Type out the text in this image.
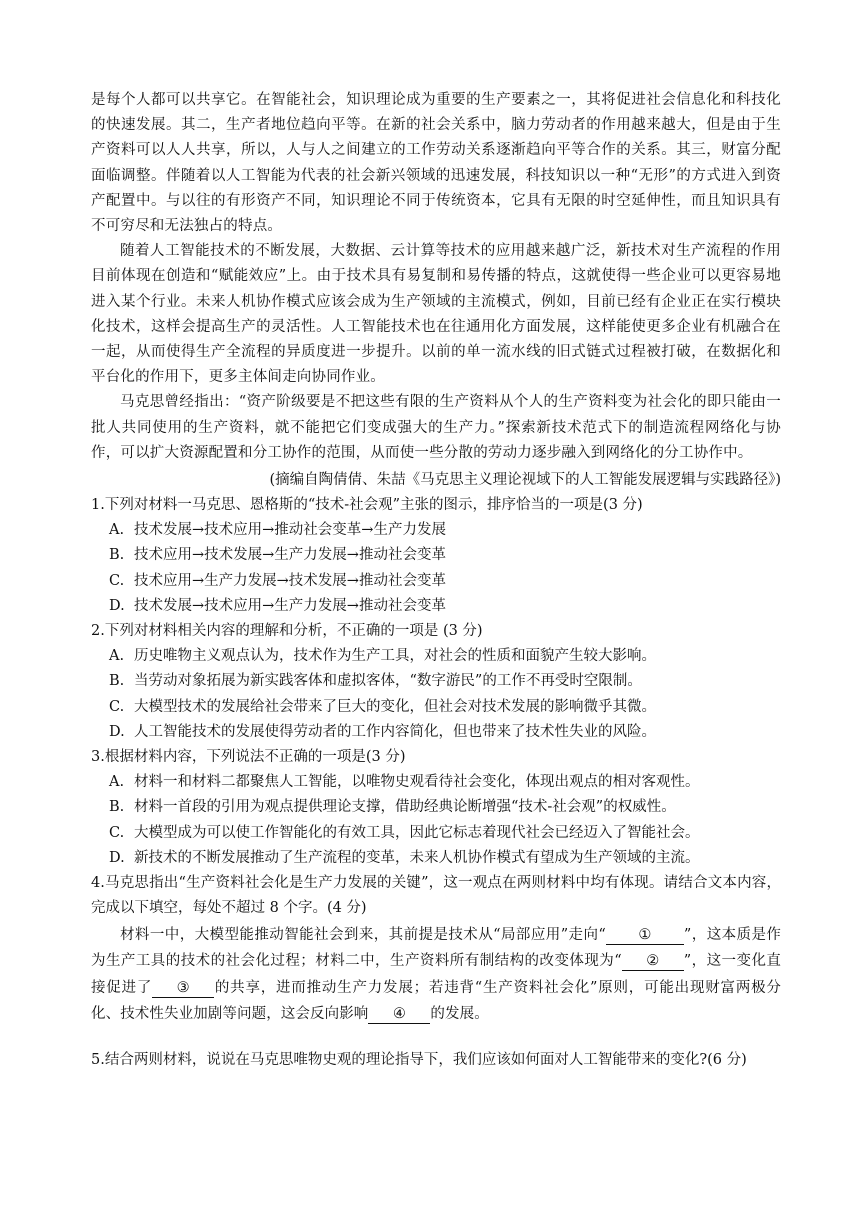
是每个人都可以共享它。在智能社会，知识理论成为重要的生产要素之一，其将促进社会信息化和科技化的快速发展。其二，生产者地位趋向平等。在新的社会关系中，脑力劳动者的作用越来越大，但是由于生产资料可以人人共享，所以，人与人之间建立的工作劳动关系逐渐趋向平等合作的关系。其三，财富分配面临调整。伴随着以人工智能为代表的社会新兴领域的迅速发展，科技知识以一种“无形”的方式进入到资产配置中。与以往的有形资产不同，知识理论不同于传统资本，它具有无限的时空延伸性，而且知识具有不可穷尽和无法独占的特点。

随着人工智能技术的不断发展，大数据、云计算等技术的应用越来越广泛，新技术对生产流程的作用目前体现在创造和“赋能效应”上。由于技术具有易复制和易传播的特点，这就使得一些企业可以更容易地进入某个行业。未来人机协作模式应该会成为生产领域的主流模式，例如，目前已经有企业正在实行模块化技术，这样会提高生产的灵活性。人工智能技术也在往通用化方面发展，这样能使更多企业有机融合在一起，从而使得生产全流程的异质度进一步提升。以前的单一流水线的旧式链式过程被打破，在数据化和平台化的作用下，更多主体间走向协同作业。

马克思曾经指出：“资产阶级要是不把这些有限的生产资料从个人的生产资料变为社会化的即只能由一批人共同使用的生产资料，就不能把它们变成强大的生产力。”探索新技术范式下的制造流程网络化与协作，可以扩大资源配置和分工协作的范围，从而使一些分散的劳动力逐步融入到网络化的分工协作中。

(摘编自陶倩倩、朱喆《马克思主义理论视域下的人工智能发展逻辑与实践路径》)

1.下列对材料一马克思、恩格斯的“技术-社会观”主张的图示，排序恰当的一项是(3 分)

A. 技术发展→技术应用→推动社会变革→生产力发展

B. 技术应用→技术发展→生产力发展→推动社会变革

C. 技术应用→生产力发展→技术发展→推动社会变革

D. 技术发展→技术应用→生产力发展→推动社会变革

2.下列对材料相关内容的理解和分析，不正确的一项是 (3 分)

A. 历史唯物主义观点认为，技术作为生产工具，对社会的性质和面貌产生较大影响。

B. 当劳动对象拓展为新实践客体和虚拟客体，“数字游民”的工作不再受时空限制。

C. 大模型技术的发展给社会带来了巨大的变化，但社会对技术发展的影响微乎其微。

D. 人工智能技术的发展使得劳动者的工作内容简化，但也带来了技术性失业的风险。

3.根据材料内容，下列说法不正确的一项是(3 分)

A. 材料一和材料二都聚焦人工智能，以唯物史观看待社会变化，体现出观点的相对客观性。

B. 材料一首段的引用为观点提供理论支撑，借助经典论断增强“技术-社会观”的权威性。

C. 大模型成为可以使工作智能化的有效工具，因此它标志着现代社会已经迈入了智能社会。

D. 新技术的不断发展推动了生产流程的变革，未来人机协作模式有望成为生产领域的主流。

4.马克思指出“生产资料社会化是生产力发展的关键”，这一观点在两则材料中均有体现。请结合文本内容，完成以下填空，每处不超过 8 个字。(4 分)

材料一中，大模型能推动智能社会到来，其前提是技术从“局部应用”走向“ ① ”，这本质是作为生产工具的技术的社会化过程；材料二中，生产资料所有制结构的改变体现为“ ② ”，这一变化直接促进了 ③ 的共享，进而推动生产力发展；若违背“生产资料社会化”原则，可能出现财富两极分化、技术性失业加剧等问题，这会反向影响 ④ 的发展。

5.结合两则材料，说说在马克思唯物史观的理论指导下，我们应该如何面对人工智能带来的变化?(6 分)
